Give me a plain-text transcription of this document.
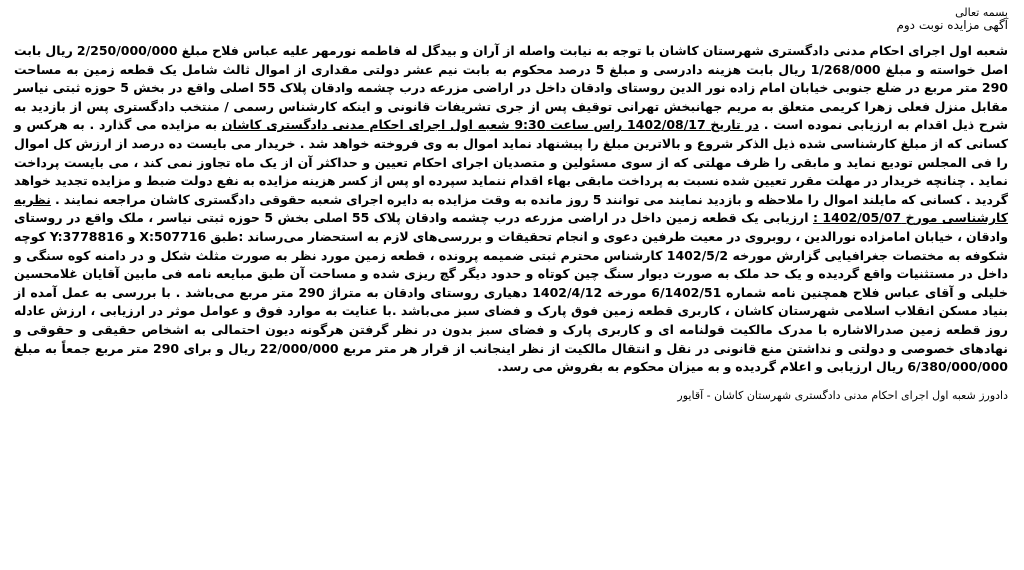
بسمه تعالی
آگهی مزایده نوبت دوم
شعبه اول اجرای احکام مدنی دادگستری شهرستان کاشان با توجه به نیابت واصله از آران و بیدگل له فاطمه نورمهر علیه عباس فلاح مبلغ 2/250/000/000 ریال بابت اصل خواسته و مبلغ 1/268/000 ریال بابت هزینه دادرسی و مبلغ 5 درصد محکوم به بابت نیم عشر دولتی مقداری از اموال ثالث شامل یک قطعه زمین به مساحت 290 متر مربع در ضلع جنوبی خیابان امام زاده نور الدین روستای وادقان داخل در اراضی مزرعه درب چشمه وادقان پلاک 55 اصلی واقع در بخش 5 حوزه ثبتی نیاسر مقابل منزل فعلی زهرا کریمی متعلق به مریم جهانبخش تهرانی توقیف پس از جری تشریفات قانونی و اینکه کارشناس رسمی / منتخب دادگستری پس از بازدید به شرح ذیل اقدام به ارزیابی نموده است . در تاریخ 1402/08/17 راس ساعت 9:30 شعبه اول اجرای احکام مدنی دادگستری کاشان به مزایده می گذارد . به هرکس و کسانی که از مبلغ کارشناسی شده ذیل الذکر شروع و بالاترین مبلغ را پیشنهاد نماید اموال به وی فروخته خواهد شد . خریدار می بایست ده درصد از ارزش کل اموال را فی المجلس تودیع نماید و مابقی را ظرف مهلتی که از سوی مسئولین و متصدیان اجرای احکام تعیین و حداکثر آن از یک ماه تجاوز نمی کند ، می بایست پرداخت نماید . چنانچه خریدار در مهلت مقرر تعیین شده نسبت به پرداخت مابقی بهاء اقدام ننماید سپرده او پس از کسر هزینه مزایده به نفع دولت ضبط و مزایده تجدید خواهد گردید . کسانی که مایلند اموال را ملاحظه و بازدید نمایند می توانند 5 روز مانده به وقت مزایده به دایره اجرای شعبه حقوقی دادگستری کاشان مراجعه نمایند . نظریه کارشناسی مورخ 1402/05/07 : ارزیابی یک قطعه زمین داخل در اراضی مزرعه درب چشمه وادقان پلاک 55 اصلی بخش 5 حوزه ثبتی نیاسر ، ملک واقع در روستای وادقان ، خیابان امامزاده نورالدین ، روبروی در معیت طرفین دعوی و انجام تحقیقات و بررسی‌های لازم به استحضار می‌رساند :طبق X:507716 و Y:3778816 کوچه شکوفه به مختصات جغرافیایی گزارش مورخه 1402/5/2 کارشناس محترم ثبتی ضمیمه پرونده ، قطعه زمین مورد نظر به صورت مثلث شکل و در دامنه کوه سنگی و داخل در مستثنیات واقع گردیده و یک حد ملک به صورت دیوار سنگ چین کوتاه و حدود دیگر گچ ریزی شده و مساحت آن طبق مبایعه نامه فی مابین آقایان غلامحسین خلیلی و آقای عباس فلاح همچنین نامه شماره 6/1402/51 مورخه 1402/4/12 دهیاری روستای وادقان به متراژ 290 متر مربع می‌باشد . با بررسی به عمل آمده از بنیاد مسکن انقلاب اسلامی شهرستان کاشان ، کاربری قطعه زمین فوق پارک و فضای سبز می‌باشد .با عنایت به موارد فوق و عوامل موثر در ارزیابی ، ارزش عادله روز قطعه زمین صدرالاشاره با مدرک مالکیت قولنامه ای و کاربری پارک و فضای سبز بدون در نظر گرفتن هرگونه دیون احتمالی به اشخاص حقیقی و حقوقی و نهادهای خصوصی و دولتی و نداشتن منع قانونی در نقل و انتقال مالکیت از نظر اینجانب از قرار هر متر مربع 22/000/000 ریال و برای 290 متر مربع جمعاً به مبلغ 6/380/000/000 ریال ارزیابی و اعلام گردیده و به میزان محکوم به بفروش می رسد.
دادورز شعبه اول اجرای احکام مدنی دادگستری شهرستان کاشان - آقایور
